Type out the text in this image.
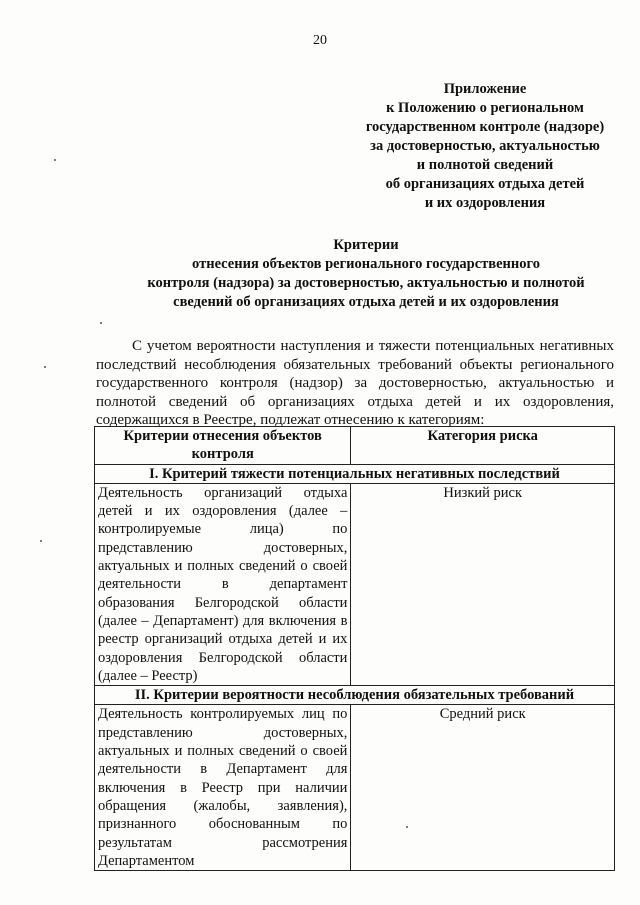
20
Приложение
к Положению о региональном
государственном контроле (надзоре)
за достоверностью, актуальностью
и полнотой сведений
об организациях отдыха детей
и их оздоровления
Критерии
отнесения объектов регионального государственного
контроля (надзора) за достоверностью, актуальностью и полнотой
сведений об организациях отдыха детей и их оздоровления

С учетом вероятности наступления и тяжести потенциальных негативных последствий несоблюдения обязательных требований объекты регионального государственного контроля (надзор) за достоверностью, актуальностью и полнотой сведений об организациях отдыха детей и их оздоровления, содержащихся в Реестре, подлежат отнесению к категориям:

Критерии отнесения объектов контроля	Категория риска
I. Критерий тяжести потенциальных негативных последствий	
Деятельность организаций отдыха детей и их оздоровления (далее – контролируемые лица) по представлению достоверных, актуальных и полных сведений о своей деятельности в департамент образования Белгородской области (далее – Департамент) для включения в реестр организаций отдыха детей и их оздоровления Белгородской области (далее – Реестр)	Низкий риск
II. Критерии вероятности несоблюдения обязательных требований	
Деятельность контролируемых лиц по представлению достоверных, актуальных и полных сведений о своей деятельности в Департамент для включения в Реестр при наличии обращения (жалобы, заявления), признанного обоснованным по результатам рассмотрения Департаментом	Средний риск
